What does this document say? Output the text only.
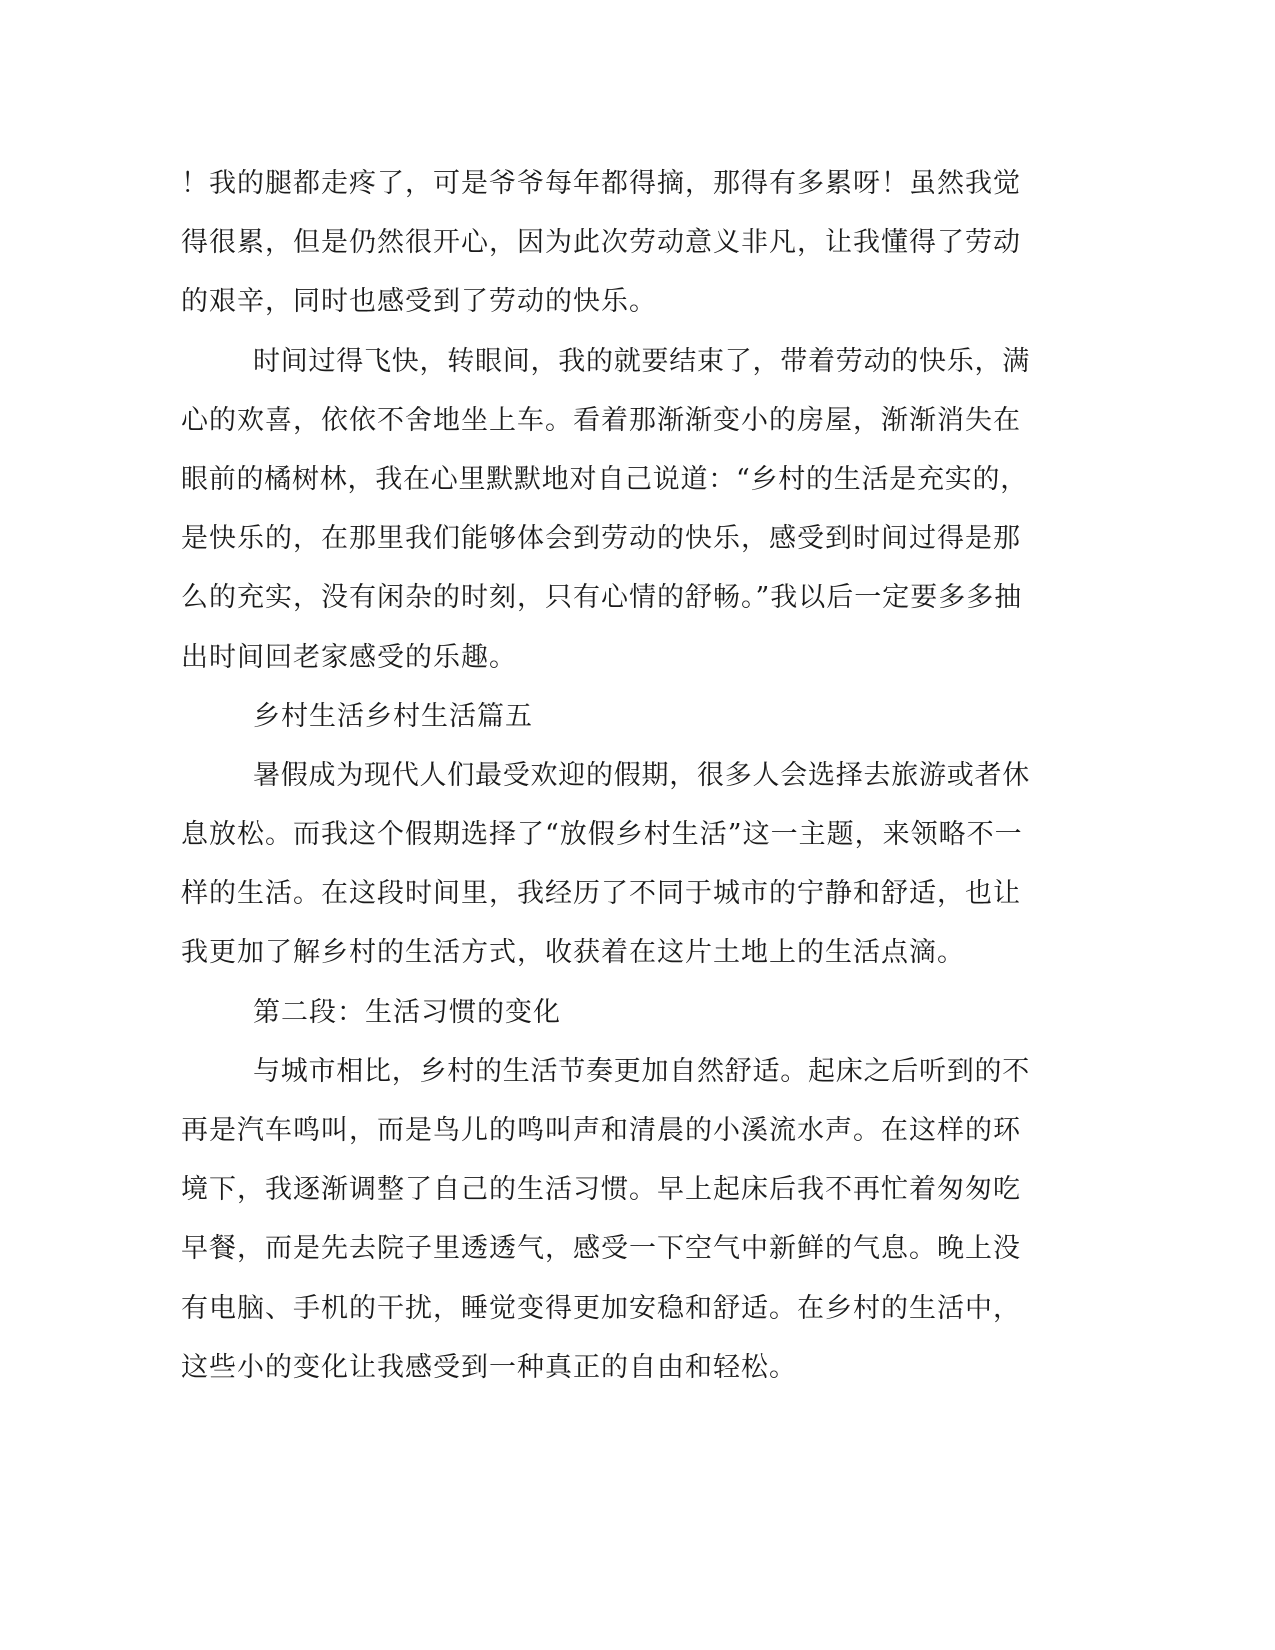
！我的腿都走疼了，可是爷爷每年都得摘，那得有多累呀！虽然我觉
得很累，但是仍然很开心，因为此次劳动意义非凡，让我懂得了劳动
的艰辛，同时也感受到了劳动的快乐。
时间过得飞快，转眼间，我的就要结束了，带着劳动的快乐，满
心的欢喜，依依不舍地坐上车。看着那渐渐变小的房屋，渐渐消失在
眼前的橘树林，我在心里默默地对自己说道：“乡村的生活是充实的，
是快乐的，在那里我们能够体会到劳动的快乐，感受到时间过得是那
么的充实，没有闲杂的时刻，只有心情的舒畅。”我以后一定要多多抽
出时间回老家感受的乐趣。
乡村生活乡村生活篇五
暑假成为现代人们最受欢迎的假期，很多人会选择去旅游或者休
息放松。而我这个假期选择了“放假乡村生活”这一主题，来领略不一
样的生活。在这段时间里，我经历了不同于城市的宁静和舒适，也让
我更加了解乡村的生活方式，收获着在这片土地上的生活点滴。
第二段：生活习惯的变化
与城市相比，乡村的生活节奏更加自然舒适。起床之后听到的不
再是汽车鸣叫，而是鸟儿的鸣叫声和清晨的小溪流水声。在这样的环
境下，我逐渐调整了自己的生活习惯。早上起床后我不再忙着匆匆吃
早餐，而是先去院子里透透气，感受一下空气中新鲜的气息。晚上没
有电脑、手机的干扰，睡觉变得更加安稳和舒适。在乡村的生活中，
这些小的变化让我感受到一种真正的自由和轻松。
